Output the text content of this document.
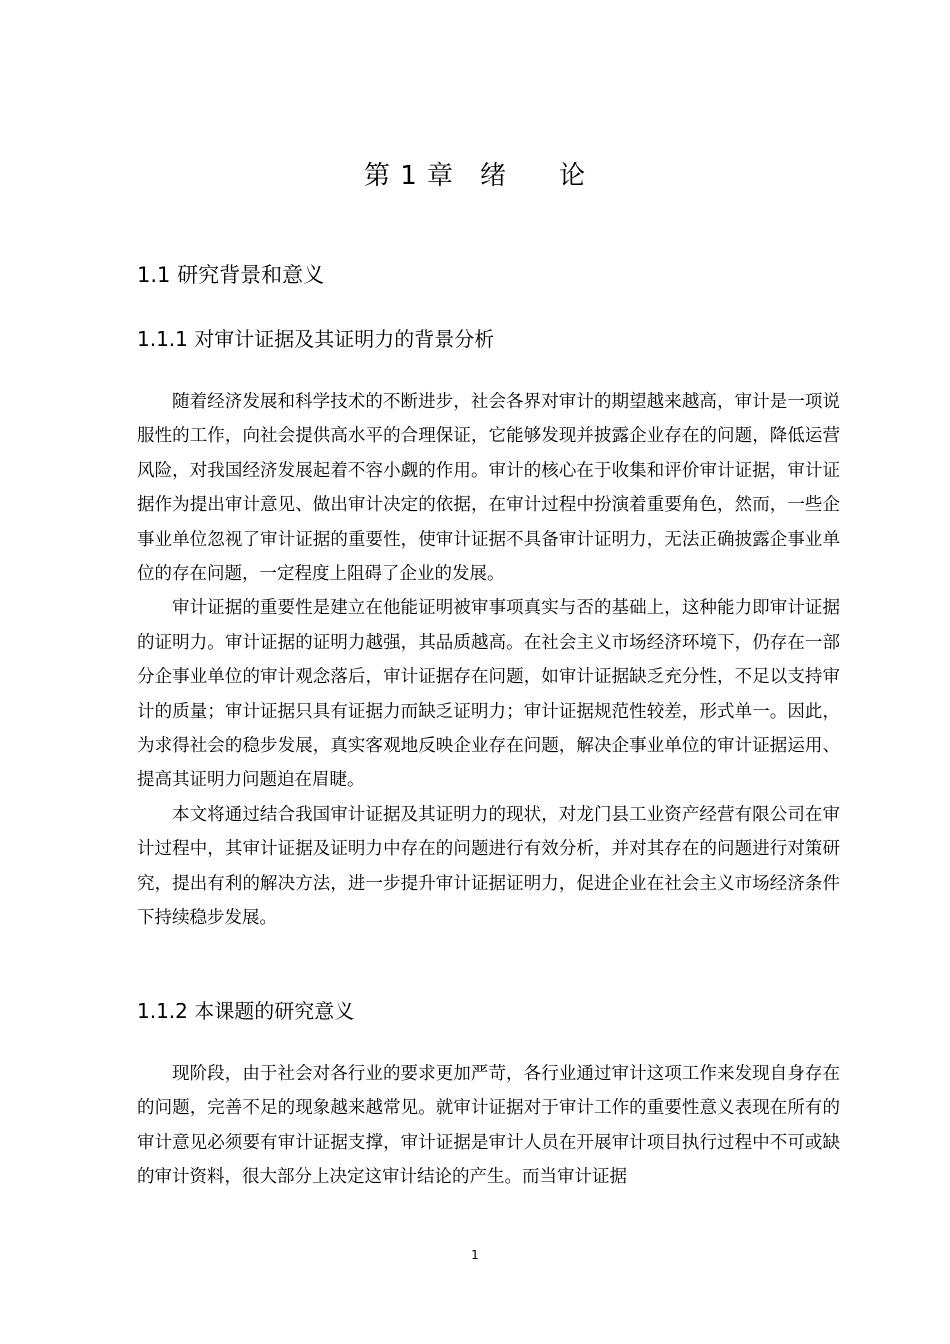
第 1 章 绪 论
1.1 研究背景和意义
1.1.1 对审计证据及其证明力的背景分析

随着经济发展和科学技术的不断进步，社会各界对审计的期望越来越高，审计是一项说服性的工作，向社会提供高水平的合理保证，它能够发现并披露企业存在的问题，降低运营风险，对我国经济发展起着不容小觑的作用。审计的核心在于收集和评价审计证据，审计证据作为提出审计意见、做出审计决定的依据，在审计过程中扮演着重要角色，然而，一些企事业单位忽视了审计证据的重要性，使审计证据不具备审计证明力，无法正确披露企事业单位的存在问题，一定程度上阻碍了企业的发展。

审计证据的重要性是建立在他能证明被审事项真实与否的基础上，这种能力即审计证据的证明力。审计证据的证明力越强，其品质越高。在社会主义市场经济环境下，仍存在一部分企事业单位的审计观念落后，审计证据存在问题，如审计证据缺乏充分性，不足以支持审计的质量；审计证据只具有证据力而缺乏证明力；审计证据规范性较差，形式单一。因此，为求得社会的稳步发展，真实客观地反映企业存在问题，解决企事业单位的审计证据运用、提高其证明力问题迫在眉睫。

本文将通过结合我国审计证据及其证明力的现状，对龙门县工业资产经营有限公司在审计过程中，其审计证据及证明力中存在的问题进行有效分析，并对其存在的问题进行对策研究，提出有利的解决方法，进一步提升审计证据证明力，促进企业在社会主义市场经济条件下持续稳步发展。

1.1.2 本课题的研究意义

现阶段，由于社会对各行业的要求更加严苛，各行业通过审计这项工作来发现自身存在的问题，完善不足的现象越来越常见。就审计证据对于审计工作的重要性意义表现在所有的审计意见必须要有审计证据支撑，审计证据是审计人员在开展审计项目执行过程中不可或缺的审计资料，很大部分上决定这审计结论的产生。而当审计证据

1
